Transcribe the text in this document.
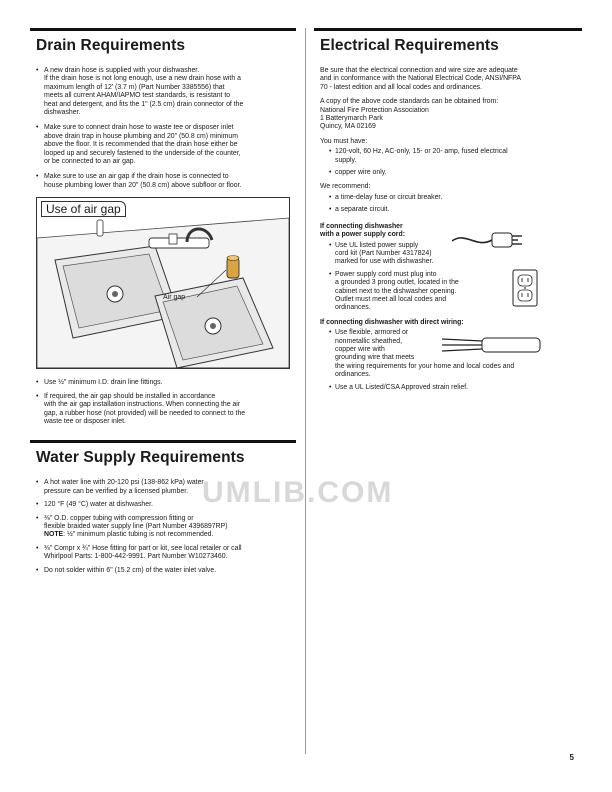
Drain Requirements
• A new drain hose is supplied with your dishwasher.
If the drain hose is not long enough, use a new drain hose with a
maximum length of 12' (3.7 m) (Part Number 3385556) that
meets all current AHAM/IAPMO test standards, is resistant to
heat and detergent, and fits the 1" (2.5 cm) drain connector of the
dishwasher.
• Make sure to connect drain hose to waste tee or disposer inlet
above drain trap in house plumbing and 20" (50.8 cm) minimum
above the floor. It is recommended that the drain hose either be
looped up and securely fastened to the underside of the counter,
or be connected to an air gap.
• Make sure to use an air gap if the drain hose is connected to
house plumbing lower than 20" (50.8 cm) above subfloor or floor.
Use of air gap
Air gap
• Use ½" minimum I.D. drain line fittings.
• If required, the air gap should be installed in accordance
with the air gap installation instructions. When connecting the air
gap, a rubber hose (not provided) will be needed to connect to the
waste tee or disposer inlet.
Water Supply Requirements
• A hot water line with 20-120 psi (138-862 kPa) water
pressure can be verified by a licensed plumber.
• 120 °F (49 °C) water at dishwasher.
• ⅜" O.D. copper tubing with compression fitting or
flexible braided water supply line (Part Number 4396897RP)
NOTE: ½" minimum plastic tubing is not recommended.
• ⅜" Compr x ¾" Hose fitting for part or kit, see local retailer or call
Whirlpool Parts: 1-800-442-9991. Part Number W10273460.
• Do not solder within 6" (15.2 cm) of the water inlet valve.
Electrical Requirements
Be sure that the electrical connection and wire size are adequate
and in conformance with the National Electrical Code, ANSI/NFPA
70 - latest edition and all local codes and ordinances.
A copy of the above code standards can be obtained from:
National Fire Protection Association
1 Batterymarch Park
Quincy, MA 02169
You must have:
• 120-volt, 60 Hz, AC-only, 15- or 20- amp, fused electrical
supply.
• copper wire only.
We recommend:
• a time-delay fuse or circuit breaker.
• a separate circuit.
If connecting dishwasher
with a power supply cord:
• Use UL listed power supply
cord kit (Part Number 4317824)
marked for use with dishwasher.
• Power supply cord must plug into
a grounded 3 prong outlet, located in the
cabinet next to the dishwasher opening.
Outlet must meet all local codes and
ordinances.
If connecting dishwasher with direct wiring:
• Use flexible, armored or
nonmetallic sheathed,
copper wire with
grounding wire that meets
the wiring requirements for your home and local codes and
ordinances.
• Use a UL Listed/CSA Approved strain relief.
UMLIB.COM
5
